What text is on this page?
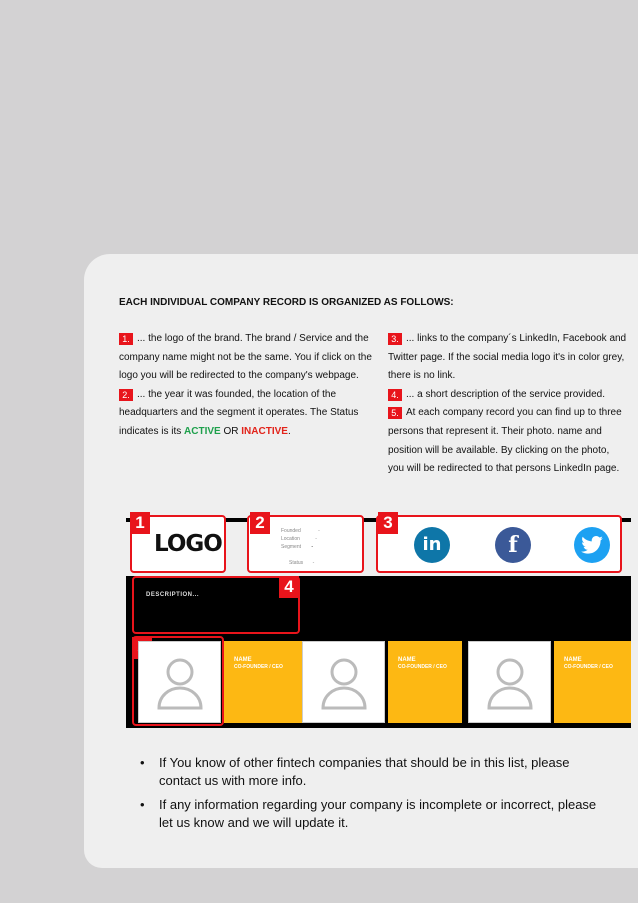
EACH INDIVIDUAL COMPANY RECORD IS ORGANIZED AS FOLLOWS:
1. ... the logo of the brand. The brand / Service and the company name might not be the same. You if click on the logo you will be redirected to the company's webpage.
2. ... the year it was founded, the location of the headquarters and the segment it operates. The Status indicates is its ACTIVE OR INACTIVE.
3. ... links to the company´s LinkedIn, Facebook and Twitter page. If the social media logo it's in color grey, there is no link.
4. ... a short description of the service provided.
5. At each company record you can find up to three persons that represent it. Their photo. name and position will be available. By clicking on the photo, you will be redirected to that persons LinkedIn page.
LOGO
1	Founded	-
Location	-
Segment -
Status -
2
in	f
3
DESCRIPTION...	4
NAME
CO-FOUNDER / CEO
NAME
CO-FOUNDER / CEO
NAME
CO-FOUNDER / CEO
• If You know of other fintech companies that should be in this list, please contact us with more info.
• If any information regarding your company is incomplete or incorrect, please let us know and we will update it.
